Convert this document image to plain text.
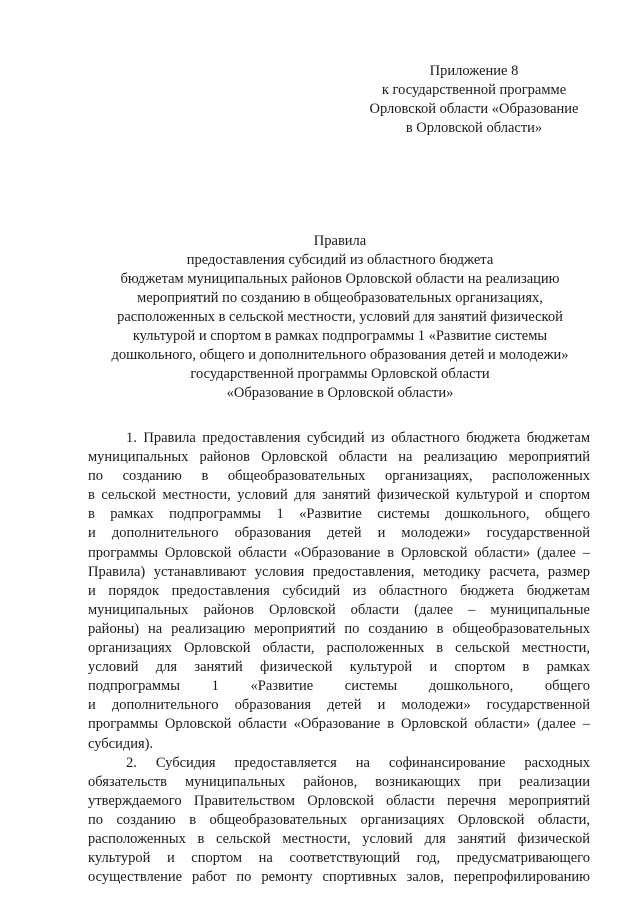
Приложение 8
к государственной программе
Орловской области «Образование
в Орловской области»
Правила
предоставления субсидий из областного бюджета
бюджетам муниципальных районов Орловской области на реализацию
мероприятий по созданию в общеобразовательных организациях,
расположенных в сельской местности, условий для занятий физической
культурой и спортом в рамках подпрограммы 1 «Развитие системы
дошкольного, общего и дополнительного образования детей и молодежи»
государственной программы Орловской области
«Образование в Орловской области»
1. Правила предоставления субсидий из областного бюджета бюджетам
муниципальных районов Орловской области на реализацию мероприятий
по созданию в общеобразовательных организациях, расположенных
в сельской местности, условий для занятий физической культурой и спортом
в рамках подпрограммы 1 «Развитие системы дошкольного, общего
и дополнительного образования детей и молодежи» государственной
программы Орловской области «Образование в Орловской области» (далее –
Правила) устанавливают условия предоставления, методику расчета, размер
и порядок предоставления субсидий из областного бюджета бюджетам
муниципальных районов Орловской области (далее – муниципальные
районы) на реализацию мероприятий по созданию в общеобразовательных
организациях Орловской области, расположенных в сельской местности,
условий для занятий физической культурой и спортом в рамках
подпрограммы 1 «Развитие системы дошкольного, общего
и дополнительного образования детей и молодежи» государственной
программы Орловской области «Образование в Орловской области» (далее –
субсидия).
2. Субсидия предоставляется на софинансирование расходных
обязательств муниципальных районов, возникающих при реализации
утверждаемого Правительством Орловской области перечня мероприятий
по созданию в общеобразовательных организациях Орловской области,
расположенных в сельской местности, условий для занятий физической
культурой и спортом на соответствующий год, предусматривающего
осуществление работ по ремонту спортивных залов, перепрофилированию
